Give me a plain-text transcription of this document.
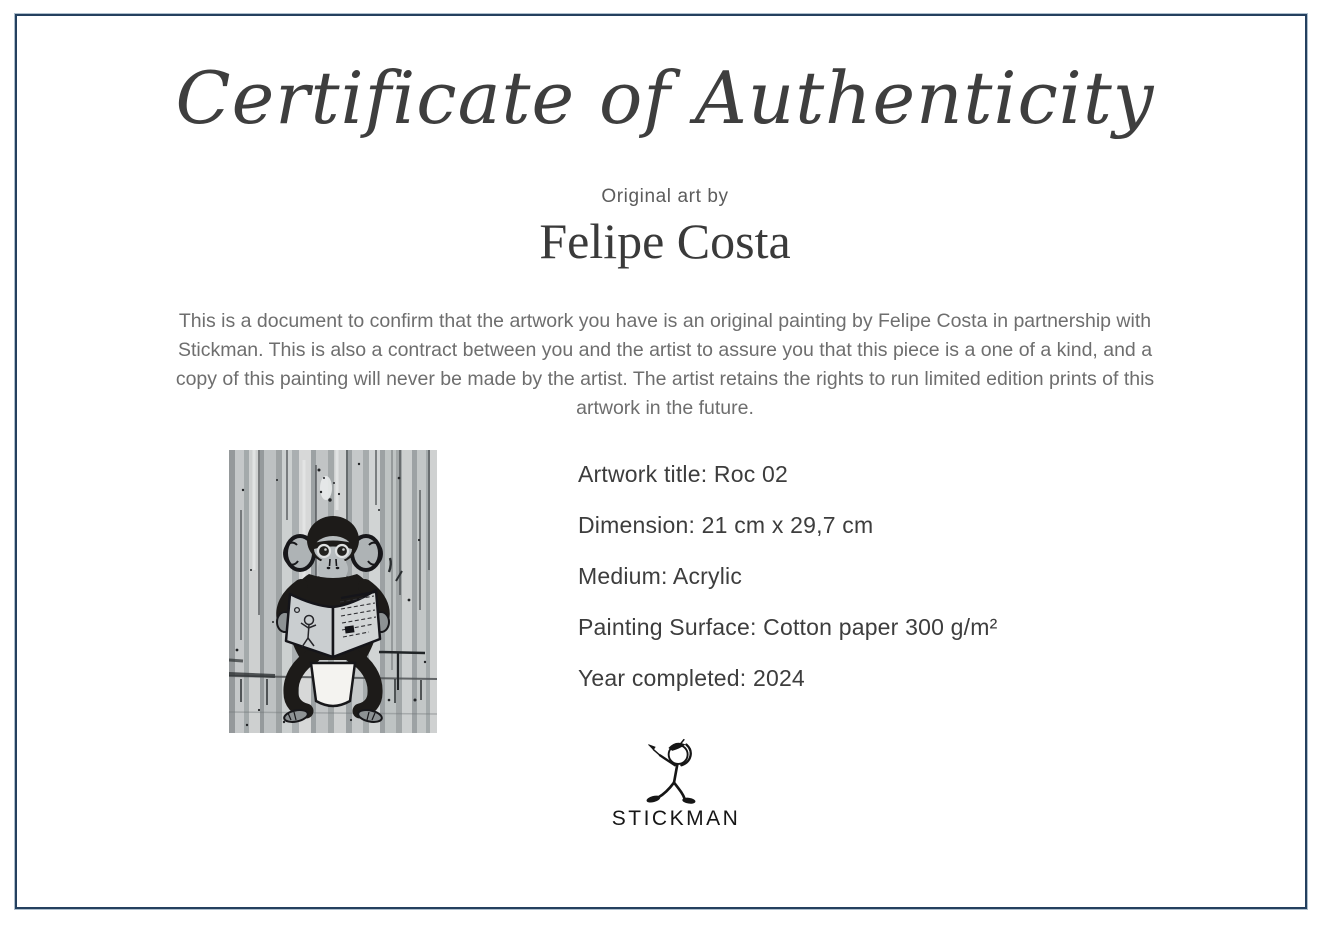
Certificate of Authenticity
Original art by
Felipe Costa
This is a document to confirm that the artwork you have is an original painting by Felipe Costa in partnership with
Stickman. This is also a contract between you and the artist to assure you that this piece is a one of a kind, and a
copy of this painting will never be made by the artist. The artist retains the rights to run limited edition prints of this
artwork in the future.
Artwork title: Roc 02
Dimension: 21 cm x 29,7 cm
Medium: Acrylic
Painting Surface: Cotton paper 300 g/m²
Year completed: 2024
STICKMAN
